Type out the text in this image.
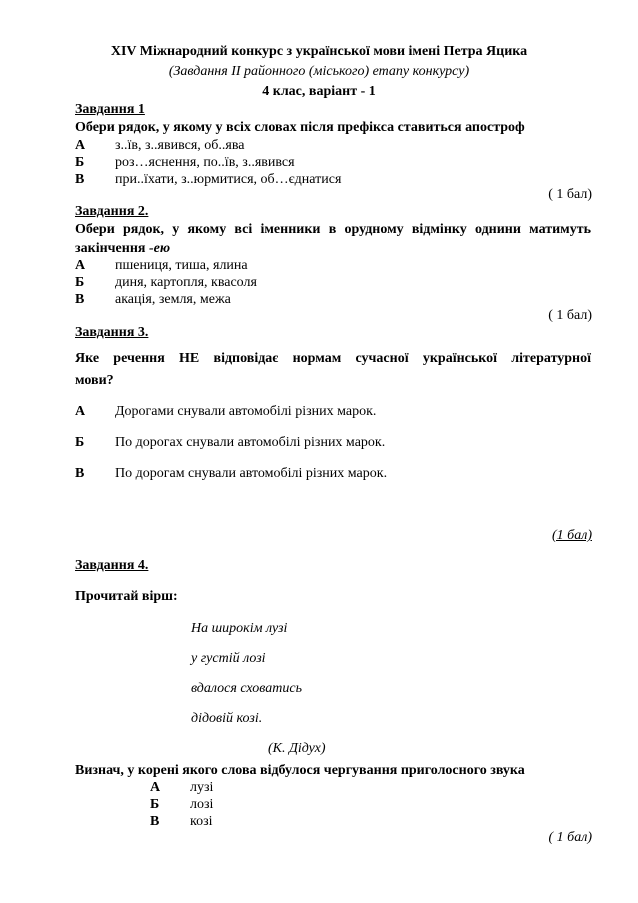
XIV Міжнародний конкурс з української мови імені Петра Яцика
(Завдання ІІ районного (міського) етапу конкурсу)
4 клас, варіант - 1
Завдання 1
Обери рядок, у якому у всіх словах після префікса ставиться апостроф
А з..їв, з..явився, об..ява
Б роз…яснення, по..їв, з..явився
В при..їхати, з..юрмитися, об…єднатися
( 1 бал)
Завдання 2.
Обери рядок, у якому всі іменники в орудному відмінку однини матимуть
закінчення -ею
А пшениця, тиша, ялина
Б диня, картопля, квасоля
В акація, земля, межа
( 1 бал)
Завдання 3.
Яке речення НЕ відповідає нормам сучасної української літературної
мови?
А Дорогами снували автомобілі різних марок.
Б По дорогах снували автомобілі різних марок.
В По дорогам снували автомобілі різних марок.
(1 бал)
Завдання 4.
Прочитай вірш:
На широкім лузі
у густій лозі
вдалося сховатись
дідовій козі.
(К. Дідух)
Визнач, у корені якого слова відбулося чергування приголосного звука
А лузі
Б лозі
В козі
( 1 бал)
